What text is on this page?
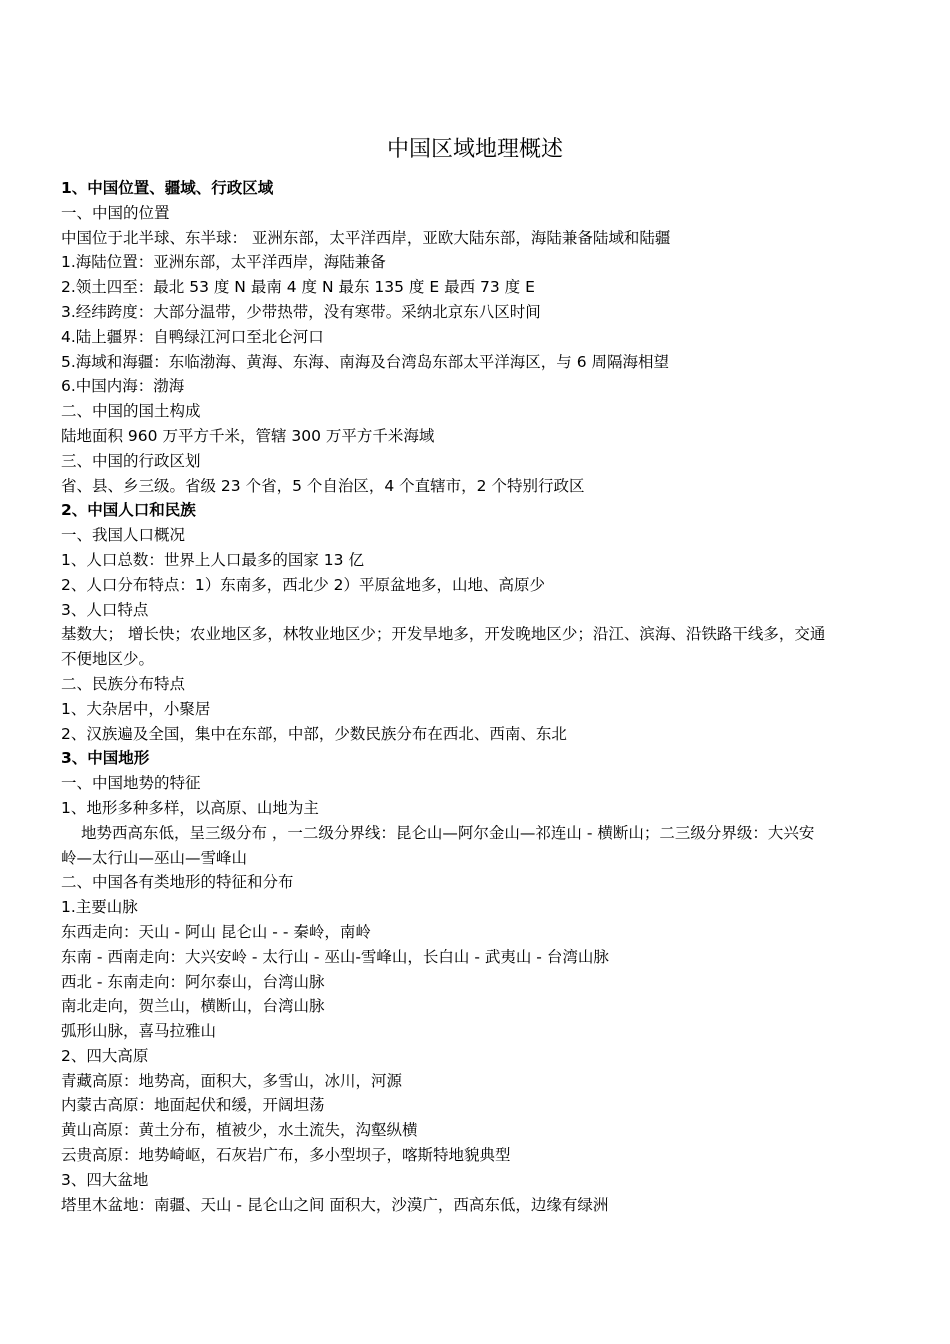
中国区域地理概述
1、中国位置、疆域、行政区域
一、中国的位置
中国位于北半球、东半球： 亚洲东部，太平洋西岸，亚欧大陆东部，海陆兼备陆域和陆疆
1.海陆位置：亚洲东部，太平洋西岸，海陆兼备
2.领土四至：最北 53 度 N 最南 4 度 N 最东 135 度 E 最西 73 度 E
3.经纬跨度：大部分温带，少带热带，没有寒带。采纳北京东八区时间
4.陆上疆界：自鸭绿江河口至北仑河口
5.海域和海疆：东临渤海、黄海、东海、南海及台湾岛东部太平洋海区，与 6 周隔海相望
6.中国内海：渤海
二、中国的国土构成
陆地面积 960 万平方千米，管辖 300 万平方千米海域
三、中国的行政区划
省、县、乡三级。省级 23 个省，5 个自治区，4 个直辖市，2 个特别行政区
2、中国人口和民族
一、我国人口概况
1、人口总数：世界上人口最多的国家 13 亿
2、人口分布特点：1）东南多，西北少 2）平原盆地多，山地、高原少
3、人口特点
基数大； 增长快；农业地区多，林牧业地区少；开发旱地多，开发晚地区少；沿江、滨海、沿铁路干线多，交通
不便地区少。
二、民族分布特点
1、大杂居中，小聚居
2、汉族遍及全国，集中在东部，中部，少数民族分布在西北、西南、东北
3、中国地形
一、中国地势的特征
1、地形多种多样，以高原、山地为主
地势西高东低，呈三级分布 ，一二级分界线：昆仑山—阿尔金山—祁连山 - 横断山；二三级分界级：大兴安
岭—太行山—巫山—雪峰山
二、中国各有类地形的特征和分布
1.主要山脉
东西走向：天山 - 阿山 昆仑山 - - 秦岭，南岭
东南 - 西南走向：大兴安岭 - 太行山 - 巫山-雪峰山，长白山 - 武夷山 - 台湾山脉
西北 - 东南走向：阿尔泰山，台湾山脉
南北走向，贺兰山，横断山，台湾山脉
弧形山脉，喜马拉雅山
2、四大高原
青藏高原：地势高，面积大，多雪山，冰川，河源
内蒙古高原：地面起伏和缓，开阔坦荡
黄山高原：黄土分布，植被少，水土流失，沟壑纵横
云贵高原：地势崎岖，石灰岩广布，多小型坝子，喀斯特地貌典型
3、四大盆地
塔里木盆地：南疆、天山 - 昆仑山之间 面积大，沙漠广，西高东低，边缘有绿洲
